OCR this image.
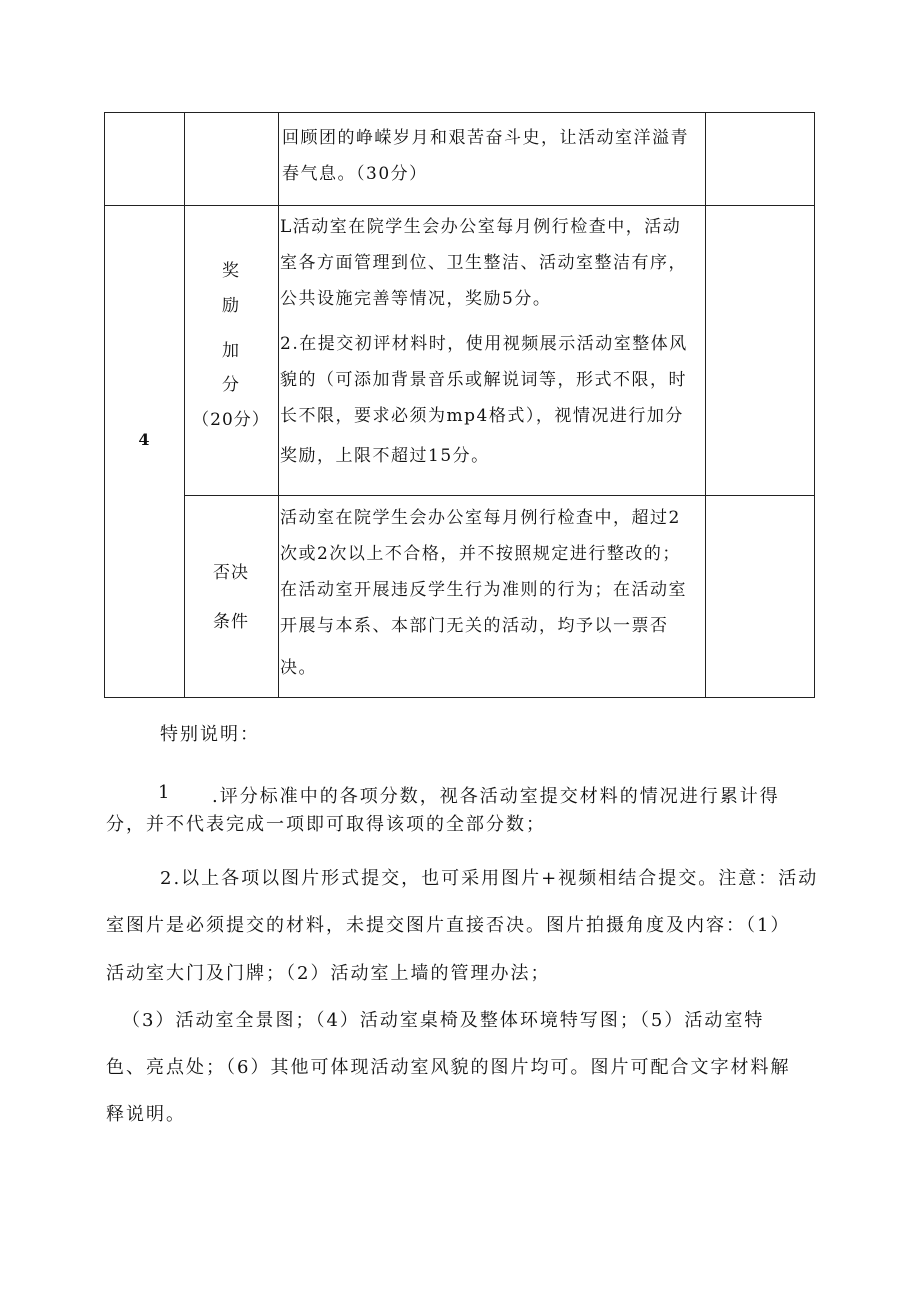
回顾团的峥嵘岁月和艰苦奋斗史，让活动室洋溢青
春气息。（30分）
4
奖
励
加
分
（20分）
L活动室在院学生会办公室每月例行检查中，活动
室各方面管理到位、卫生整洁、活动室整洁有序，
公共设施完善等情况，奖励5分。
2.在提交初评材料时，使用视频展示活动室整体风
貌的（可添加背景音乐或解说词等，形式不限，时
长不限，要求必须为mp4格式），视情况进行加分
奖励，上限不超过15分。
否决
条件
活动室在院学生会办公室每月例行检查中，超过2
次或2次以上不合格，并不按照规定进行整改的；
在活动室开展违反学生行为准则的行为；在活动室
开展与本系、本部门无关的活动，均予以一票否
决。
特别说明：
1 .评分标准中的各项分数，视各活动室提交材料的情况进行累计得
分，并不代表完成一项即可取得该项的全部分数；
2.以上各项以图片形式提交，也可采用图片+视频相结合提交。注意：活动
室图片是必须提交的材料，未提交图片直接否决。图片拍摄角度及内容：（1）
活动室大门及门牌；（2）活动室上墙的管理办法；
（3）活动室全景图；（4）活动室桌椅及整体环境特写图；（5）活动室特
色、亮点处；（6）其他可体现活动室风貌的图片均可。图片可配合文字材料解
释说明。
